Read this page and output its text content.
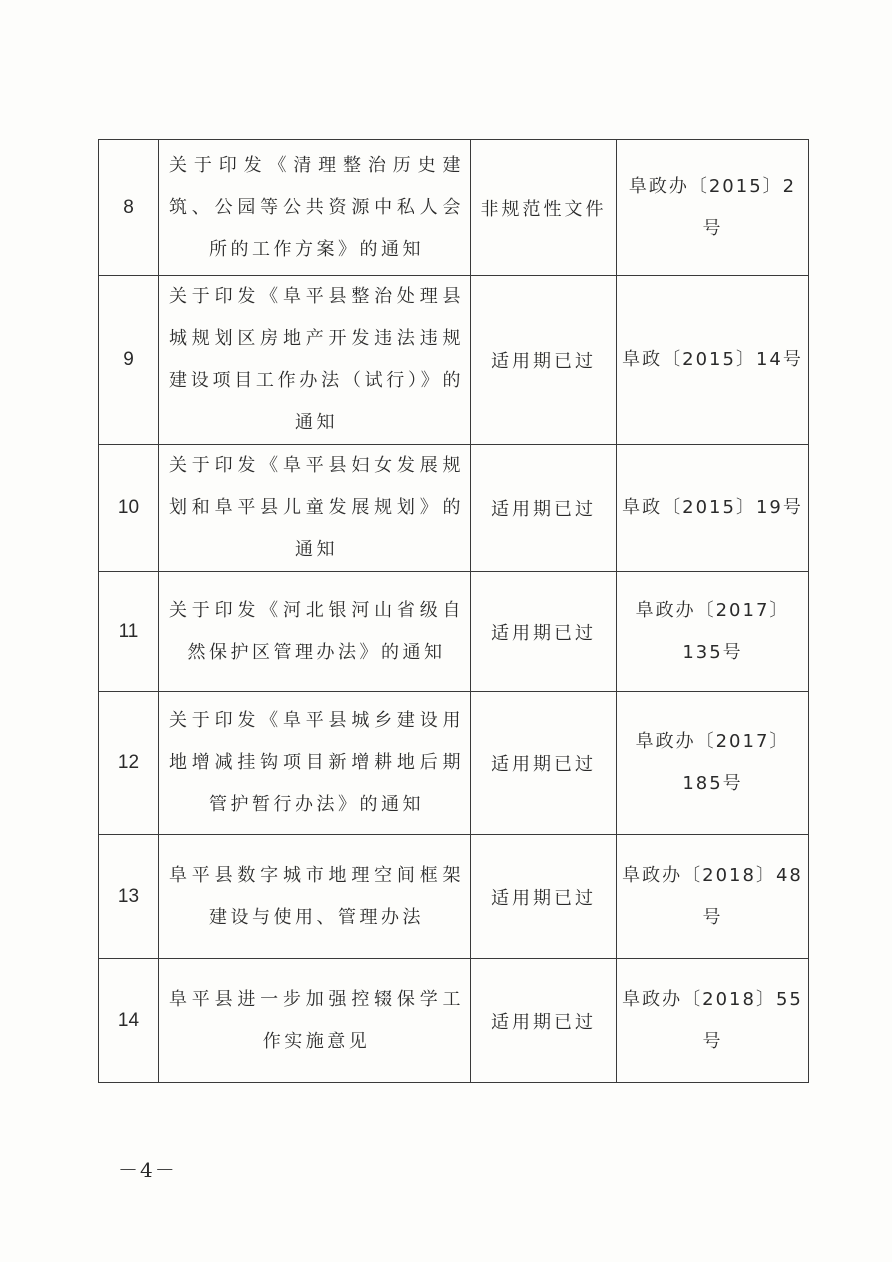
8	关于印发《清理整治历史建筑、公园等公共资源中私人会所的工作方案》的通知	非规范性文件	阜政办〔2015〕2号
9	关于印发《阜平县整治处理县城规划区房地产开发违法违规建设项目工作办法（试行）》的通知	适用期已过	阜政〔2015〕14号
10	关于印发《阜平县妇女发展规划和阜平县儿童发展规划》的通知	适用期已过	阜政〔2015〕19号
11	关于印发《河北银河山省级自然保护区管理办法》的通知	适用期已过	阜政办〔2017〕135号
12	关于印发《阜平县城乡建设用地增减挂钩项目新增耕地后期管护暂行办法》的通知	适用期已过	阜政办〔2017〕185号
13	阜平县数字城市地理空间框架建设与使用、管理办法	适用期已过	阜政办〔2018〕48号
14	阜平县进一步加强控辍保学工作实施意见	适用期已过	阜政办〔2018〕55号
－4－
